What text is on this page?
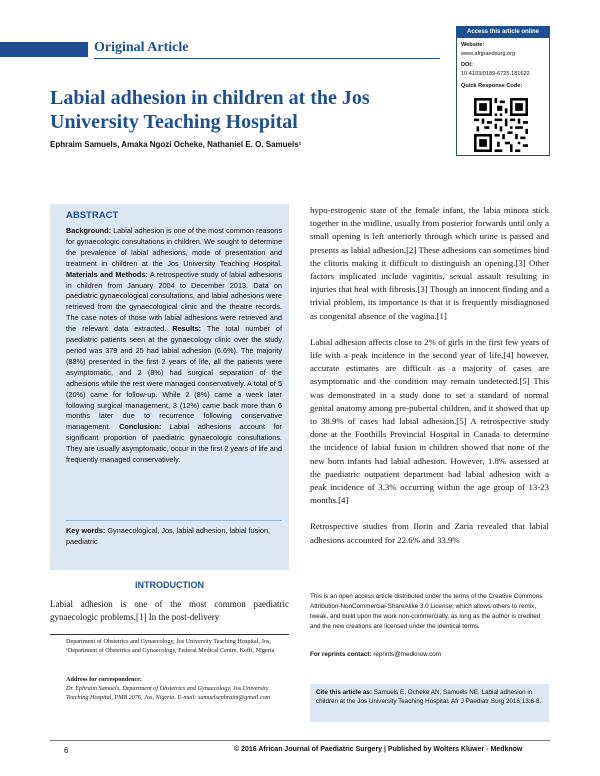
Original Article
Access this article online
Website:
www.afrjpaedsurg.org
DOI:
10.4103/0189-6725.181622
Quick Response Code:
Labial adhesion in children at the Jos University Teaching Hospital
Ephraim Samuels, Amaka Ngozi Ocheke, Nathaniel E. O. Samuels¹
ABSTRACT
Background: Labial adhesion is one of the most common reasons for gynaecologic consultations in children. We sought to determine the prevalence of labial adhesions, mode of presentation and treatment in children at the Jos University Teaching Hospital. Materials and Methods: A retrospective study of labial adhesions in children from January 2004 to December 2013. Data on paediatric gynaecological consultations, and labial adhesions were retrieved from the gynaecological clinic and the theatre records. The case notes of those with labial adhesions were retrieved and the relevant data extracted. Results: The total number of paediatric patients seen at the gynaecology clinic over the study period was 379 and 25 had labial adhesion (6.6%). The majority (88%) presented in the first 2 years of life, all the patients were asymptomatic, and 2 (8%) had surgical separation of the adhesions while the rest were managed conservatively. A total of 5 (20%) came for follow-up. While 2 (8%) came a week later following surgical management, 3 (12%) came back more than 6 months later due to recurrence following conservative management. Conclusion: Labial adhesions account for significant proportion of paediatric gynaecologic consultations. They are usually asymptomatic, occur in the first 2 years of life and frequently managed conservatively.
Key words: Gynaecological, Jos, labial adhesion, labial fusion, paediatric
INTRODUCTION
Labial adhesion is one of the most common paediatric gynaecologic problems.[1] In the post-delivery
Department of Obstetrics and Gynaecology, Jos University Teaching Hospital, Jos, ¹Department of Obstetrics and Gynaecology, Federal Medical Centre, Keffi, Nigeria
Address for correspondence:
Dr. Ephraim Samuels, Department of Obstetrics and Gynaecology, Jos University Teaching Hospital, PMB 2076, Jos, Nigeria. E-mail: samuelsephraim@gmail.com

hypo-estrogenic state of the female infant, the labia minora stick together in the midline, usually from posterior forwards until only a small opening is left anteriorly through which urine is passed and presents as labial adhesion.[2] These adhesions can sometimes bind the clitoris making it difficult to distinguish an opening.[3] Other factors implicated include vaginitis, sexual assault resulting in injuries that heal with fibrosis.[3] Though an innocent finding and a trivial problem, its importance is that it is frequently misdiagnosed as congenital absence of the vagina.[1]

Labial adhesion affects close to 2% of girls in the first few years of life with a peak incidence in the second year of life,[4] however, accurate estimates are difficult as a majority of cases are asymptomatic and the condition may remain undetected.[5] This was demonstrated in a study done to set a standard of normal genital anatomy among pre-pubertal children, and it showed that up to 38.9% of cases had labial adhesion.[5] A retrospective study done at the Foothills Provincial Hospital in Canada to determine the incidence of labial fusion in children showed that none of the new born infants had labial adhesion. However, 1.8% assessed at the paediatric outpatient department had labial adhesion with a peak incidence of 3.3% occurring within the age group of 13-23 months.[4]

Retrospective studies from Ilorin and Zaria revealed that labial adhesions accounted for 22.6% and 33.9%

This is an open access article distributed under the terms of the Creative Commons Attribution-NonCommercial-ShareAlike 3.0 License, which allows others to remix, tweak, and build upon the work non-commercially, as long as the author is credited and the new creations are licensed under the identical terms.
For reprints contact: reprints@medknow.com
Cite this article as: Samuels E, Ocheke AN, Samuels NE. Labial adhesion in children at the Jos University Teaching Hospital. Afr J Paediatr Surg 2016;13:6-8.
6	© 2016 African Journal of Paediatric Surgery | Published by Wolters Kluwer - Medknow
